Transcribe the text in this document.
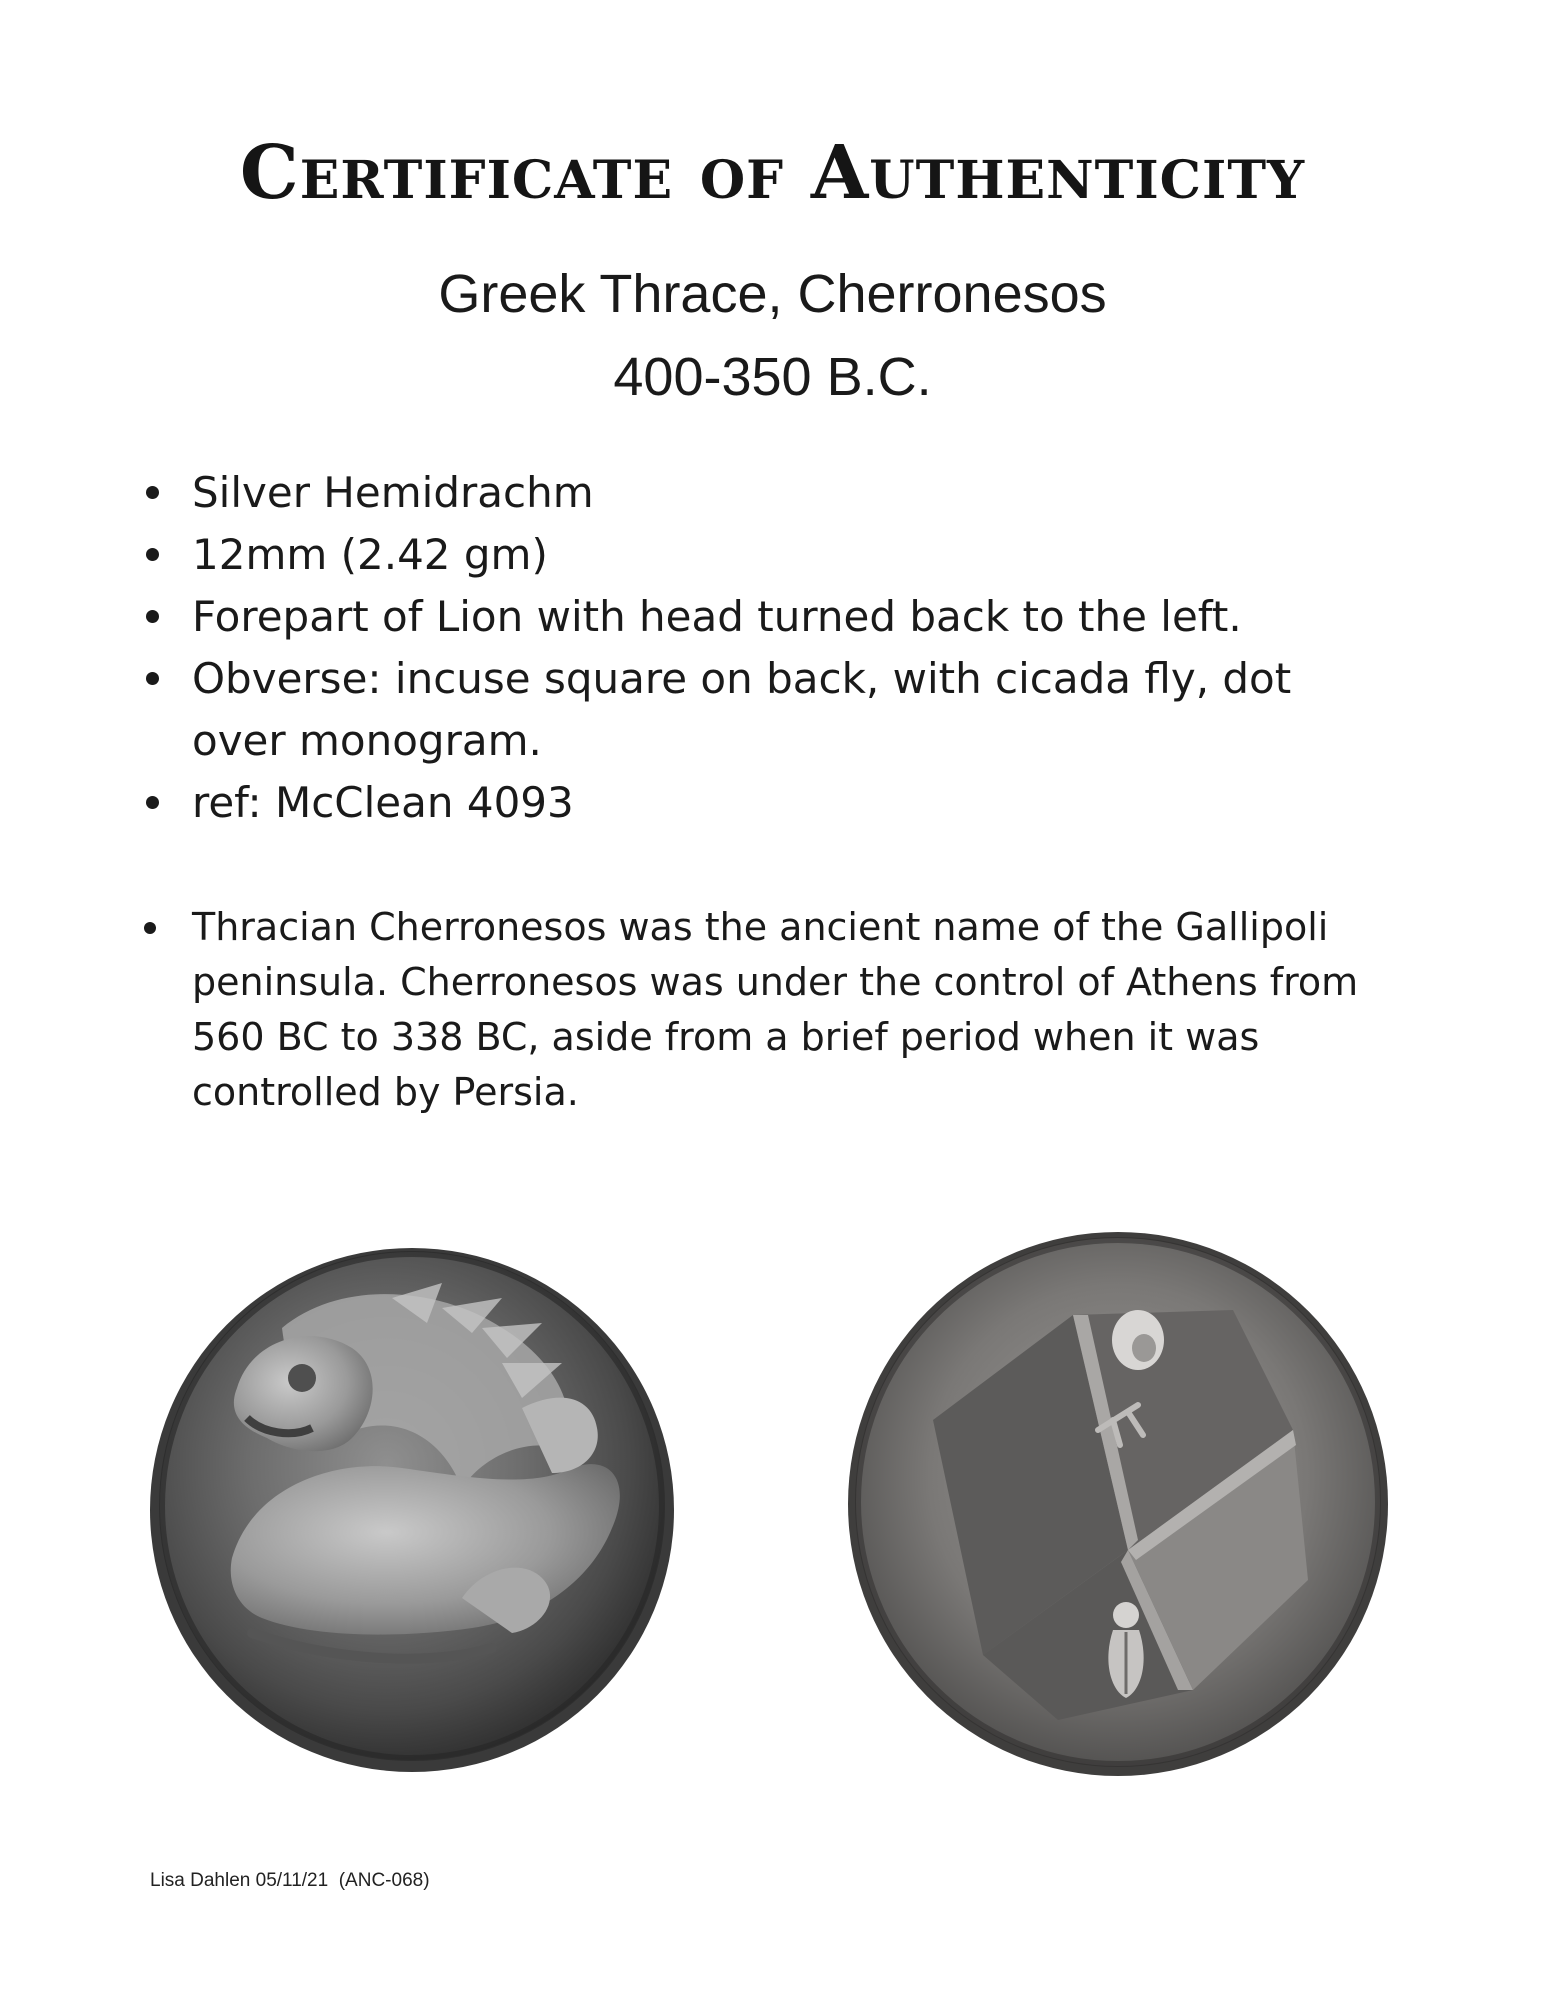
Certificate of Authenticity
Greek Thrace, Cherronesos
400-350 B.C.
Silver Hemidrachm
12mm (2.42 gm)
Forepart of Lion with head turned back to the left.
Obverse: incuse square on back, with cicada fly, dot over monogram.
ref: McClean 4093
Thracian Cherronesos was the ancient name of the Gallipoli peninsula. Cherronesos was under the control of Athens from 560 BC to 338 BC, aside from a brief period when it was controlled by Persia.
Lisa Dahlen 05/11/21  (ANC-068)
